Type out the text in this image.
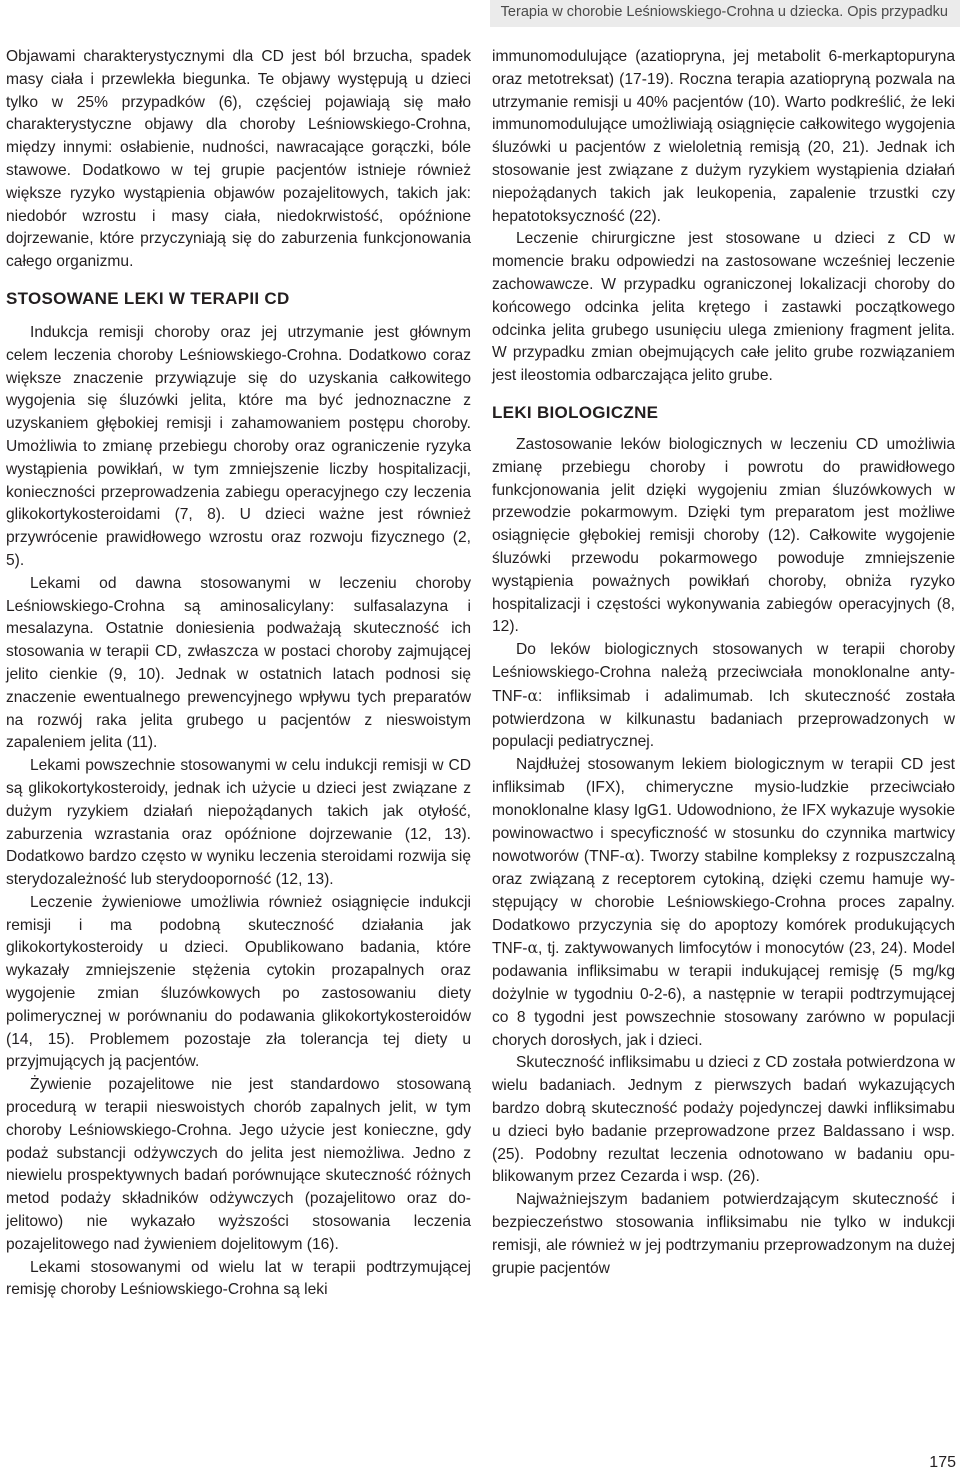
Terapia w chorobie Leśniowskiego-Crohna u dziecka. Opis przypadku

Objawami charakterystycznymi dla CD jest ból brzucha, spadek masy ciała i przewlekła biegunka. Te objawy występują u dzieci tylko w 25% przypadków (6), częściej pojawiają się mało charakterystyczne objawy dla choroby Leśniowskiego-Crohna, między innymi: osłabienie, nudności, nawracające gorączki, bóle stawowe. Dodatkowo w tej grupie pacjentów istnieje również większe ryzyko wystąpienia objawów pozajelitowych, takich jak: niedobór wzrostu i masy ciała, niedokrwistość, opóźnione dojrzewanie, które przyczyniają się do zaburzenia funkcjonowania całego organizmu.

STOSOWANE LEKI W TERAPII CD

Indukcja remisji choroby oraz jej utrzymanie jest głównym celem leczenia choroby Leśniowskiego-Crohna. Dodatkowo coraz większe znaczenie przywiązuje się do uzyskania całkowitego wygojenia się śluzówki jelita, które ma być jednoznaczne z uzyskaniem głębokiej remisji i zahamowaniem postępu choroby. Umożliwia to zmianę przebiegu choroby oraz ograniczenie ryzyka wystąpienia powikłań, w tym zmniejszenie liczby hospitalizacji, konieczności przeprowadzenia zabiegu operacyjnego czy leczenia glikokortykosteroidami (7, 8). U dzieci ważne jest również przywrócenie prawidłowego wzrostu oraz rozwoju fizycznego (2, 5).

Lekami od dawna stosowanymi w leczeniu choroby Leśniowskiego-Crohna są aminosalicylany: sulfasalazyna i mesalazyna. Ostatnie doniesienia podważają skuteczność ich stosowania w terapii CD, zwłaszcza w postaci choroby zajmującej jelito cienkie (9, 10). Jednak w ostatnich latach podnosi się znaczenie ewentualnego prewencyjnego wpływu tych preparatów na rozwój raka jelita grubego u pacjentów z nieswoistym zapaleniem jelita (11).

Lekami powszechnie stosowanymi w celu indukcji remisji w CD są glikokortykosteroidy, jednak ich użycie u dzieci jest związane z dużym ryzykiem działań niepożądanych takich jak otyłość, zaburzenia wzrastania oraz opóźnione dojrzewanie (12, 13). Dodatkowo bardzo często w wyniku leczenia steroidami rozwija się sterydozależność lub sterydooporność (12, 13).

Leczenie żywieniowe umożliwia również osiągnięcie indukcji remisji i ma podobną skuteczność działania jak glikokortykosteroidy u dzieci. Opublikowano badania, które wykazały zmniejszenie stężenia cytokin prozapalnych oraz wygojenie zmian śluzówkowych po zastosowaniu diety polimerycznej w porównaniu do podawania glikokortykosteroidów (14, 15). Problemem pozostaje zła tolerancja tej diety u przyjmujących ją pacjentów.

Żywienie pozajelitowe nie jest standardowo stosowaną procedurą w terapii nieswoistych chorób zapalnych jelit, w tym choroby Leśniowskiego-Crohna. Jego użycie jest konieczne, gdy podaż substancji odżywczych do jelita jest niemożliwa. Jedno z niewielu prospektywnych badań porównujące skuteczność różnych metod podaży składników odżywczych (pozajelitowo oraz dojelitowo) nie wykazało wyższości stosowania leczenia pozajelitowego nad żywieniem dojelitowym (16).

Lekami stosowanymi od wielu lat w terapii podtrzymującej remisję choroby Leśniowskiego-Crohna są leki

immunomodulujące (azatiopryna, jej metabolit 6-merkaptopuryna oraz metotreksat) (17-19). Roczna terapia azatiopryną pozwala na utrzymanie remisji u 40% pacjentów (10). Warto podkreślić, że leki immunomodulujące umożliwiają osiągnięcie całkowitego wygojenia śluzówki u pacjentów z wieloletnią remisją (20, 21). Jednak ich stosowanie jest związane z dużym ryzykiem wystąpienia działań niepożądanych takich jak leukopenia, zapalenie trzustki czy hepatotoksyczność (22).

Leczenie chirurgiczne jest stosowane u dzieci z CD w momencie braku odpowiedzi na zastosowane wcześniej leczenie zachowawcze. W przypadku ograniczonej lokalizacji choroby do końcowego odcinka jelita krętego i zastawki początkowego odcinka jelita grubego usunięciu ulega zmieniony fragment jelita. W przypadku zmian obejmujących całe jelito grube rozwiązaniem jest ileostomia odbarczająca jelito grube.

LEKI BIOLOGICZNE

Zastosowanie leków biologicznych w leczeniu CD umożliwia zmianę przebiegu choroby i powrotu do prawidłowego funkcjonowania jelit dzięki wygojeniu zmian śluzówkowych w przewodzie pokarmowym. Dzięki tym preparatom jest możliwe osiągnięcie głębokiej remisji choroby (12). Całkowite wygojenie śluzówki przewodu pokarmowego powoduje zmniejszenie wystąpienia poważnych powikłań choroby, obniża ryzyko hospitalizacji i częstości wykonywania zabiegów operacyjnych (8, 12).

Do leków biologicznych stosowanych w terapii choroby Leśniowskiego-Crohna należą przeciwciała monoklonalne anty-TNF-α: infliksimab i adalimumab. Ich skuteczność została potwierdzona w kilkunastu badaniach przeprowadzonych w populacji pediatrycznej.

Najdłużej stosowanym lekiem biologicznym w terapii CD jest infliksimab (IFX), chimeryczne mysio-ludzkie przeciwciało monoklonalne klasy IgG1. Udowodniono, że IFX wykazuje wysokie powinowactwo i specyficzność w stosunku do czynnika martwicy nowotworów (TNF-α). Tworzy stabilne kompleksy z rozpuszczalną oraz związaną z receptorem cytokiną, dzięki czemu hamuje występujący w chorobie Leśniowskiego-Crohna proces zapalny. Dodatkowo przyczynia się do apoptozy komórek produkujących TNF-α, tj. zaktywowanych limfocytów i monocytów (23, 24). Model podawania infliksimabu w terapii indukującej remisję (5 mg/kg dożylnie w tygodniu 0-2-6), a następnie w terapii podtrzymującej co 8 tygodni jest powszechnie stosowany zarówno w populacji chorych dorosłych, jak i dzieci.

Skuteczność infliksimabu u dzieci z CD została potwierdzona w wielu badaniach. Jednym z pierwszych badań wykazujących bardzo dobrą skuteczność podaży pojedynczej dawki infliksimabu u dzieci było badanie przeprowadzone przez Baldassano i wsp. (25). Podobny rezultat leczenia odnotowano w badaniu opublikowanym przez Cezarda i wsp. (26).

Najważniejszym badaniem potwierdzającym skuteczność i bezpieczeństwo stosowania infliksimabu nie tylko w indukcji remisji, ale również w jej podtrzymaniu przeprowadzonym na dużej grupie pacjentów

175
